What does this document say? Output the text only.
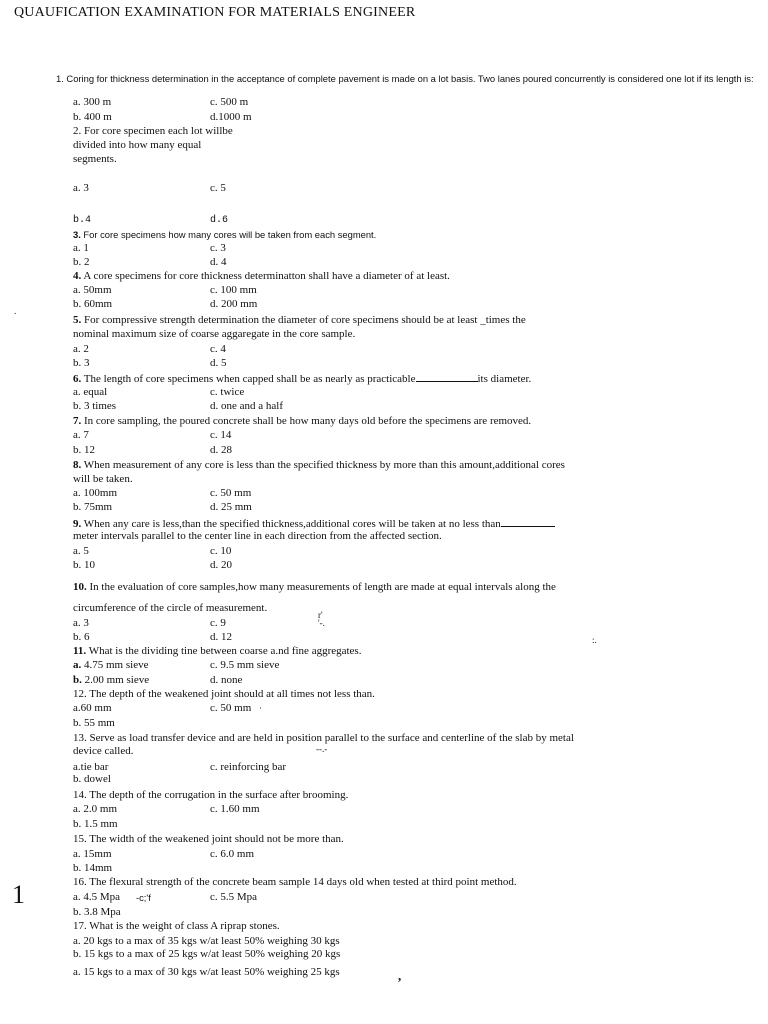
QUAUFICATION EXAMINATION FOR MATERIALS ENGINEER
1. Coring for thickness determination in the acceptance of complete pavement is made on a lot basis. Two lanes poured concurrently is considered one lot if its length is:
a. 300 m	c. 500 m
b. 400 m	d.1000 m
2. For core specimen each lot willbe
divided into how many equal
segments.
a. 3	c. 5
b.4	d.6
3. For core specimens how many cores will be taken from each segment.
a. 1	c. 3
b. 2	d. 4
4. A core specimens for core thickness determinatton shall have a diameter of at least.
a. 50mm	c. 100 mm
b. 60mm	d. 200 mm
5. For compressive strength determination the diameter of core specimens should be at least _times the
nominal maximum size of coarse aggaregate in the core sample.
a. 2	c. 4
b. 3	d. 5
6. The length of core specimens when capped shall be as nearly as practicable	its diameter.
a. equal	c. twice
b. 3 times	d. one and a half
7. In core sampling, the poured concrete shall be how many days old before the specimens are removed.
a. 7	c. 14
b. 12	d. 28
8. When measurement of any core is less than the specified thickness by more than this amount,additional cores
will be taken.
a. 100mm	c. 50 mm
b. 75mm	d. 25 mm
9. When any care is less,than the specified thickness,additional cores will be taken at no less than
meter intervals parallel to the center line in each direction from the affected section.
a. 5	c. 10
b. 10	d. 20
10. In the evaluation of core samples,how many measurements of length are made at equal intervals along the
circumference of the circle of measurement.
a. 3	c. 9
b. 6	d. 12
11. What is the dividing tine between coarse a.nd fine aggregates.
a. 4.75 mm sieve	c. 9.5 mm sieve
b. 2.00 mm sieve	d. none
12. The depth of the weakened joint should at all times not less than.
a.60 mm	c. 50 mm
b. 55 mm
13. Serve as load transfer device and are held in position parallel to the surface and centerline of the slab by metal
device called.
a.tie bar	c. reinforcing bar
b. dowel
14. The depth of the corrugation in the surface after brooming.
a. 2.0 mm	c. 1.60 mm
b. 1.5 mm
15. The width of the weakened joint should not be more than.
a. 15mm	c. 6.0 mm
b. 14mm
16. The flexural strength of the concrete beam sample 14 days old when tested at third point method.
a. 4.5 Mpa -c;'f	c. 5.5 Mpa
b. 3.8 Mpa
17. What is the weight of class A riprap stones.
a. 20 kgs to a max of 35 kgs w/at least 50% weighing 30 kgs
b. 15 kgs to a max of 25 kgs w/at least 50% weighing 20 kgs
a. 15 kgs to a max of 30 kgs w/at least 50% weighing 25 kgs
1
.
r'
'-.
:.
--.-
,
·
